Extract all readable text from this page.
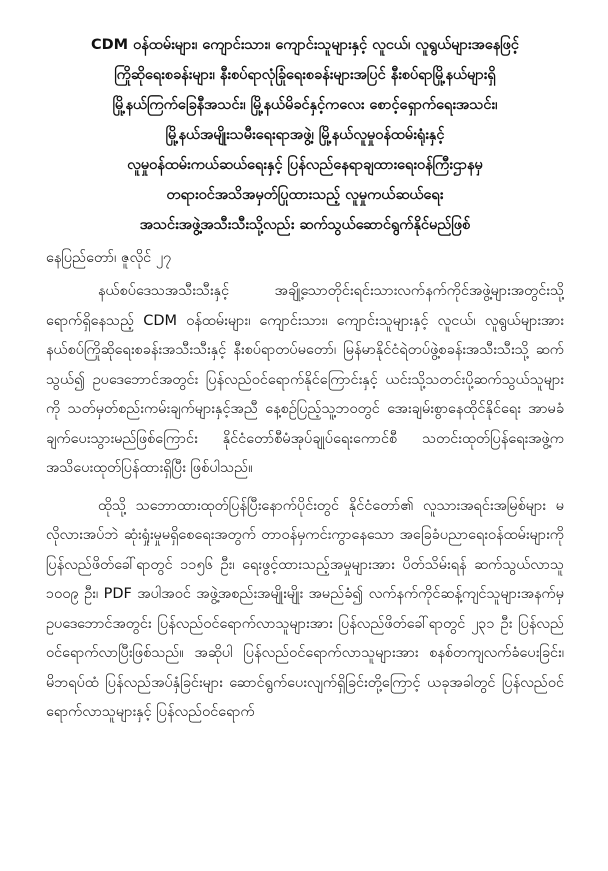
CDM ဝန်ထမ်းများ၊ ကျောင်းသား၊ ကျောင်းသူများနှင့် လူငယ်၊ လူရွယ်များအနေဖြင့်
ကြိုဆိုရေးစခန်းများ၊ နီးစပ်ရာလုံခြုံရေးစခန်းများအပြင် နီးစပ်ရာမြို့နယ်များရှိ
မြို့နယ်ကြက်ခြေနီအသင်း၊ မြို့နယ်မိခင်နှင့်ကလေး စောင့်ရှောက်ရေးအသင်း၊
မြို့နယ်အမျိုးသမီးရေးရာအဖွဲ့၊ မြို့နယ်လူမှုဝန်ထမ်းရုံးနှင့်
လူမှုဝန်ထမ်းကယ်ဆယ်ရေးနှင့် ပြန်လည်နေရာချထားရေးဝန်ကြီးဌာနမှ
တရားဝင်အသိအမှတ်ပြုထားသည့် လူမှုကယ်ဆယ်ရေး
အသင်းအဖွဲ့အသီးသီးသို့လည်း ဆက်သွယ်ဆောင်ရွက်နိုင်မည်ဖြစ်
နေပြည်တော်၊ ဇူလိုင် ၂၇

နယ်စပ်ဒေသအသီးသီးနှင့် အချို့သောတိုင်းရင်းသားလက်နက်ကိုင်အဖွဲ့များအတွင်းသို့ ရောက်ရှိနေသည့် CDM ဝန်ထမ်းများ၊ ကျောင်းသား၊ ကျောင်းသူများနှင့် လူငယ်၊ လူရွယ်များအား နယ်စပ်ကြိုဆိုရေးစခန်းအသီးသီးနှင့် နီးစပ်ရာတပ်မတော်၊ မြန်မာနိုင်ငံရဲတပ်ဖွဲ့စခန်းအသီးသီးသို့ ဆက်သွယ်၍ ဥပဒေဘောင်အတွင်း ပြန်လည်ဝင်ရောက်နိုင်ကြောင်းနှင့် ယင်းသို့သတင်းပို့ဆက်သွယ်သူများကို သတ်မှတ်စည်းကမ်းချက်များနှင့်အညီ နေ့စဉ်ပြည့်သူ့ဘဝတွင် အေးချမ်းစွာနေထိုင်နိုင်ရေး အာမခံချက်ပေးသွားမည်ဖြစ်ကြောင်း နိုင်ငံတော်စီမံအုပ်ချုပ်ရေးကောင်စီ သတင်းထုတ်ပြန်ရေးအဖွဲ့က အသိပေးထုတ်ပြန်ထားရှိပြီး ဖြစ်ပါသည်။

ထိုသို့ သဘောထားထုတ်ပြန်ပြီးနောက်ပိုင်းတွင် နိုင်ငံတော်၏ လူသားအရင်းအမြစ်များ မလိုလားအပ်ဘဲ ဆုံးရှုံးမှုမရှိစေရေးအတွက် တာဝန်မှကင်းကွာနေသော အခြေခံပညာရေးဝန်ထမ်းများကို ပြန်လည်ဖိတ်ခေါ်ရာတွင် ၁၁၅၆ ဦး၊ ရေးဖွင့်ထားသည့်အမှုများအား ပိတ်သိမ်းရန် ဆက်သွယ်လာသူ ၁၀၀၉ ဦး၊ PDF အပါအဝင် အဖွဲ့အစည်းအမျိုးမျိုး အမည်ခံ၍ လက်နက်ကိုင်ဆန့်ကျင်သူများအနက်မှ ဥပဒေဘောင်အတွင်း ပြန်လည်ဝင်ရောက်လာသူများအား ပြန်လည်ဖိတ်ခေါ်ရာတွင် ၂၃၁ ဦး ပြန်လည်ဝင်ရောက်လာပြီးဖြစ်သည်။ အဆိုပါ ပြန်လည်ဝင်ရောက်လာသူများအား စနစ်တကျလက်ခံပေးခြင်း၊ မိဘရပ်ထံ ပြန်လည်အပ်နှံခြင်းများ ဆောင်ရွက်ပေးလျက်ရှိခြင်းတို့ကြောင့် ယခုအခါတွင် ပြန်လည်ဝင်ရောက်လာသူများနှင့် ပြန်လည်ဝင်ရောက်
